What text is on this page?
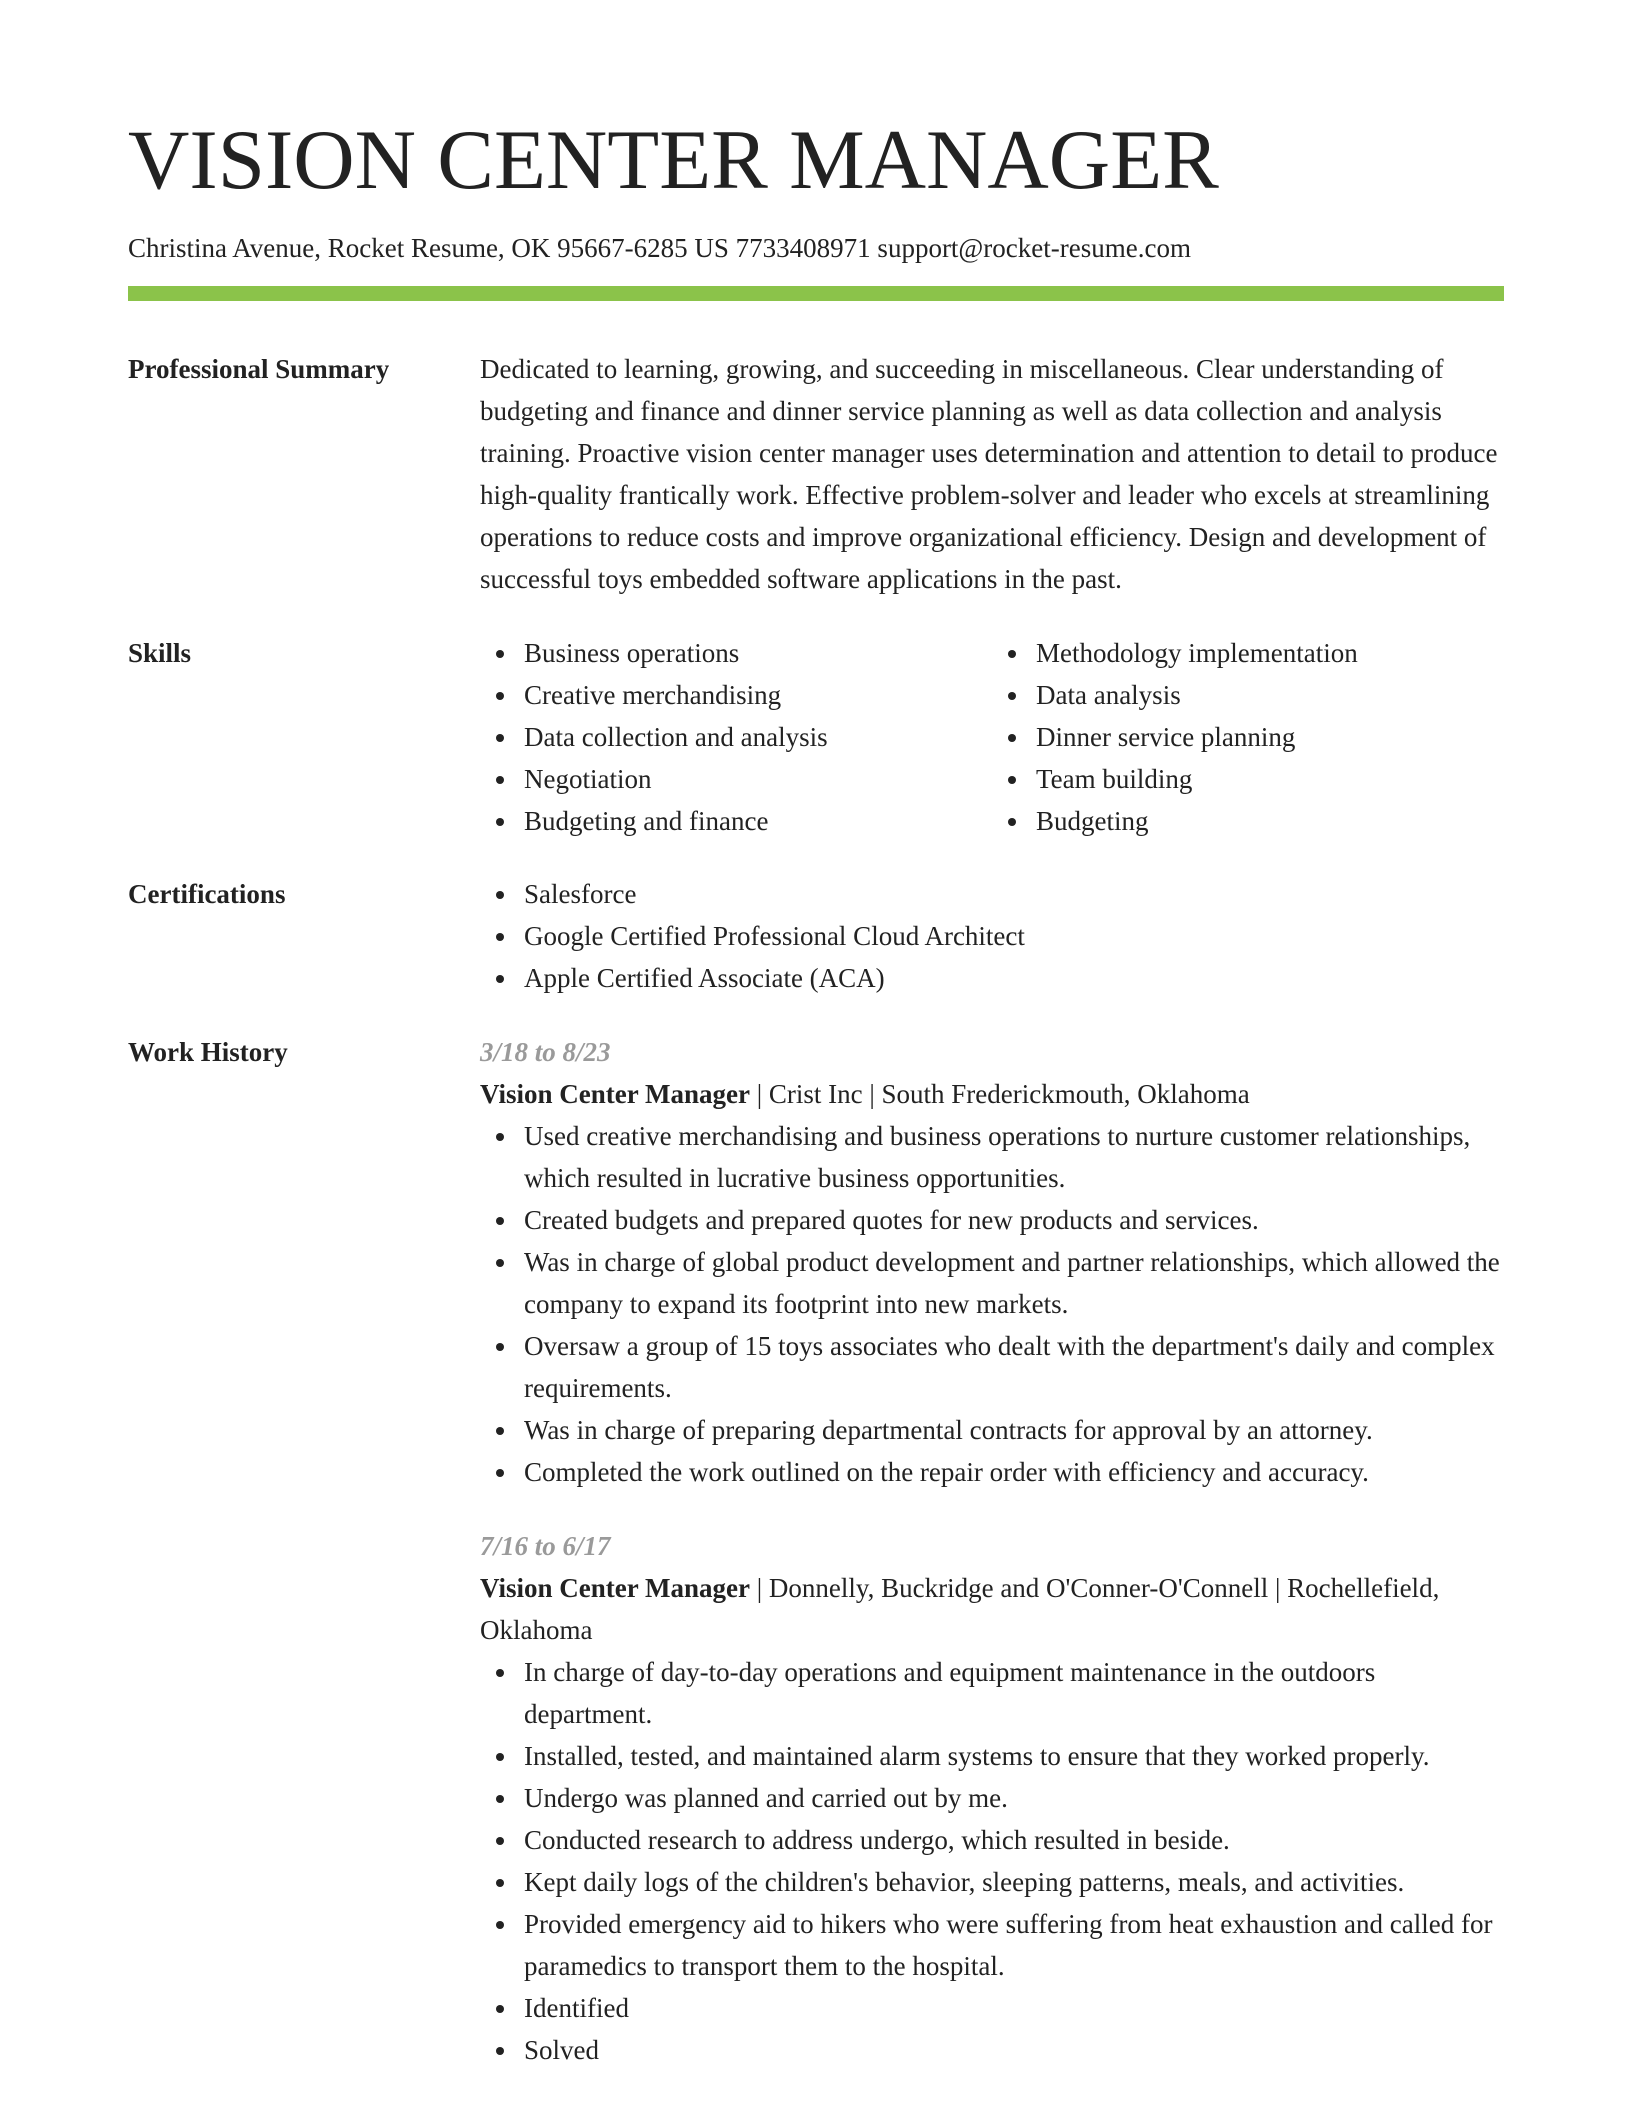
VISION CENTER MANAGER
Christina Avenue, Rocket Resume, OK 95667-6285 US 7733408971 support@rocket-resume.com
Professional Summary	Dedicated to learning, growing, and succeeding in miscellaneous. Clear understanding of budgeting and finance and dinner service planning as well as data collection and analysis training. Proactive vision center manager uses determination and attention to detail to produce high-quality frantically work. Effective problem-solver and leader who excels at streamlining operations to reduce costs and improve organizational efficiency. Design and development of successful toys embedded software applications in the past.

Skills	Business operations
Creative merchandising
Data collection and analysis
Negotiation
Budgeting and finance
Methodology implementation
Data analysis
Dinner service planning
Team building
Budgeting
Certifications	Salesforce
Google Certified Professional Cloud Architect
Apple Certified Associate (ACA)
Work History	3/18 to 8/23
Vision Center Manager | Crist Inc | South Frederickmouth, Oklahoma
Used creative merchandising and business operations to nurture customer relationships, which resulted in lucrative business opportunities.
Created budgets and prepared quotes for new products and services.
Was in charge of global product development and partner relationships, which allowed the company to expand its footprint into new markets.
Oversaw a group of 15 toys associates who dealt with the department's daily and complex requirements.
Was in charge of preparing departmental contracts for approval by an attorney.
Completed the work outlined on the repair order with efficiency and accuracy.
7/16 to 6/17
Vision Center Manager | Donnelly, Buckridge and O'Conner-O'Connell | Rochellefield, Oklahoma
In charge of day-to-day operations and equipment maintenance in the outdoors department.
Installed, tested, and maintained alarm systems to ensure that they worked properly.
Undergo was planned and carried out by me.
Conducted research to address undergo, which resulted in beside.
Kept daily logs of the children's behavior, sleeping patterns, meals, and activities.
Provided emergency aid to hikers who were suffering from heat exhaustion and called for paramedics to transport them to the hospital.
Identified
Solved
